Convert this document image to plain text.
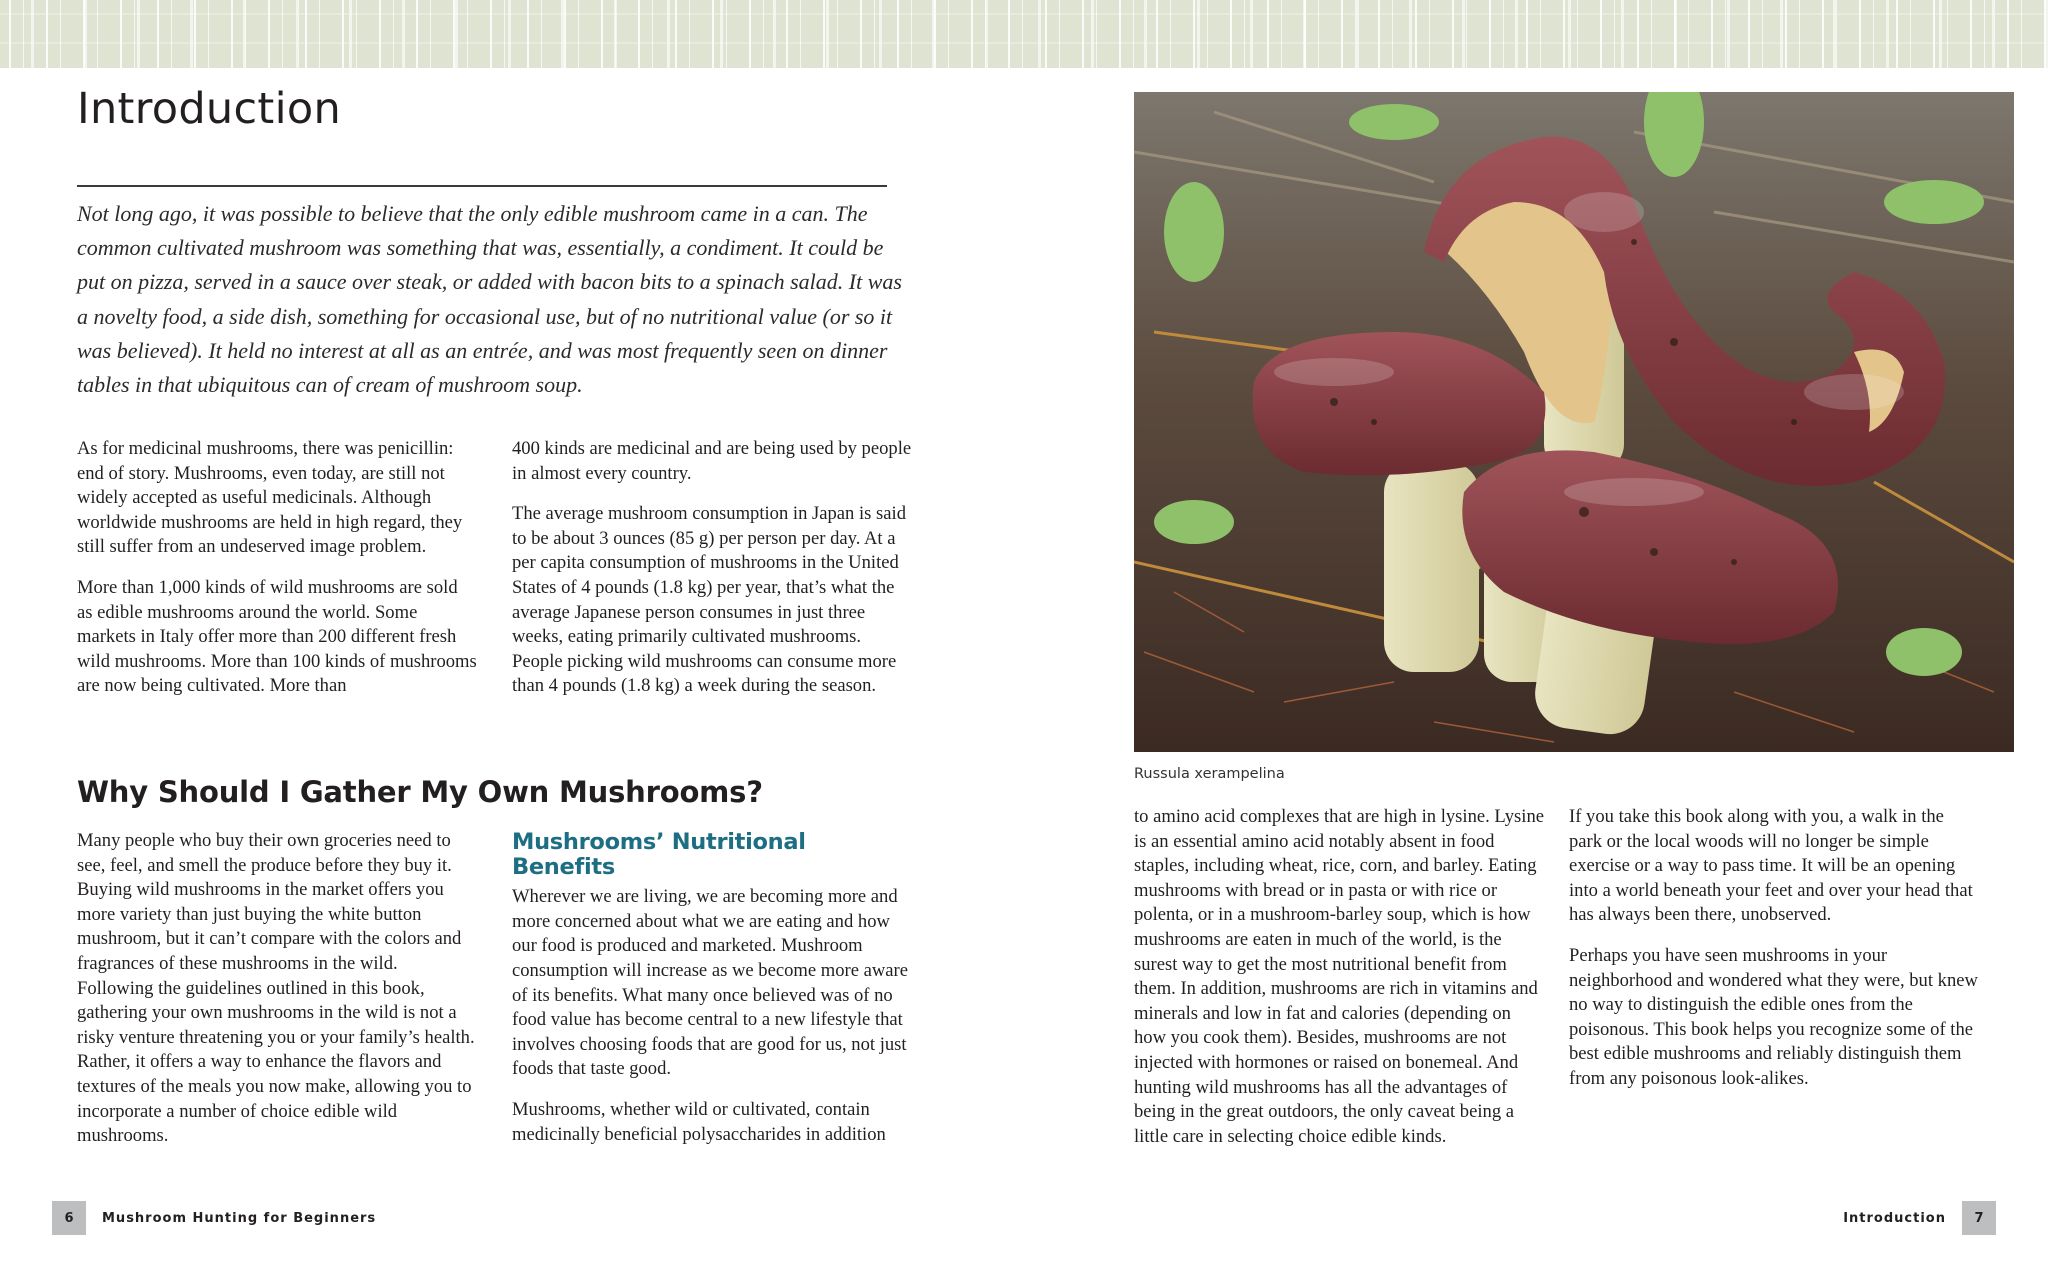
Introduction

Not long ago, it was possible to believe that the only edible mushroom came in a can. The common cultivated mushroom was something that was, essentially, a condiment. It could be put on pizza, served in a sauce over steak, or added with bacon bits to a spinach salad. It was a novelty food, a side dish, something for occasional use, but of no nutritional value (or so it was believed). It held no interest at all as an entrée, and was most frequently seen on dinner tables in that ubiquitous can of cream of mushroom soup.

As for medicinal mushrooms, there was penicillin: end of story. Mushrooms, even today, are still not widely accepted as useful medicinals. Although worldwide mushrooms are held in high regard, they still suffer from an undeserved image problem.

More than 1,000 kinds of wild mushrooms are sold as edible mushrooms around the world. Some markets in Italy offer more than 200 different fresh wild mushrooms. More than 100 kinds of mushrooms are now being cultivated. More than

400 kinds are medicinal and are being used by people in almost every country.

The average mushroom consumption in Japan is said to be about 3 ounces (85 g) per person per day. At a per capita consumption of mushrooms in the United States of 4 pounds (1.8 kg) per year, that’s what the average Japanese person consumes in just three weeks, eating primarily cultivated mushrooms. People picking wild mushrooms can consume more than 4 pounds (1.8 kg) a week during the season.

Why Should I Gather My Own Mushrooms?

Many people who buy their own groceries need to see, feel, and smell the produce before they buy it. Buying wild mushrooms in the market offers you more variety than just buying the white button mushroom, but it can’t compare with the colors and fragrances of these mushrooms in the wild. Following the guidelines outlined in this book, gathering your own mushrooms in the wild is not a risky venture threatening you or your family’s health. Rather, it offers a way to enhance the flavors and textures of the meals you now make, allowing you to incorporate a number of choice edible wild mushrooms.

Mushrooms’ Nutritional Benefits

Wherever we are living, we are becoming more and more concerned about what we are eating and how our food is produced and marketed. Mushroom consumption will increase as we become more aware of its benefits. What many once believed was of no food value has become central to a new lifestyle that involves choosing foods that are good for us, not just foods that taste good.

Mushrooms, whether wild or cultivated, contain medicinally beneficial polysaccharides in addition

6	Mushroom Hunting for Beginners
Russula xerampelina

to amino acid complexes that are high in lysine. Lysine is an essential amino acid notably absent in food staples, including wheat, rice, corn, and barley. Eating mushrooms with bread or in pasta or with rice or polenta, or in a mushroom-barley soup, which is how mushrooms are eaten in much of the world, is the surest way to get the most nutritional benefit from them. In addition, mushrooms are rich in vitamins and minerals and low in fat and calories (depending on how you cook them). Besides, mushrooms are not injected with hormones or raised on bonemeal. And hunting wild mushrooms has all the advantages of being in the great outdoors, the only caveat being a little care in selecting choice edible kinds.

If you take this book along with you, a walk in the park or the local woods will no longer be simple exercise or a way to pass time. It will be an opening into a world beneath your feet and over your head that has always been there, unobserved.

Perhaps you have seen mushrooms in your neighborhood and wondered what they were, but knew no way to distinguish the edible ones from the poisonous. This book helps you recognize some of the best edible mushrooms and reliably distinguish them from any poisonous look-alikes.

Introduction	7
